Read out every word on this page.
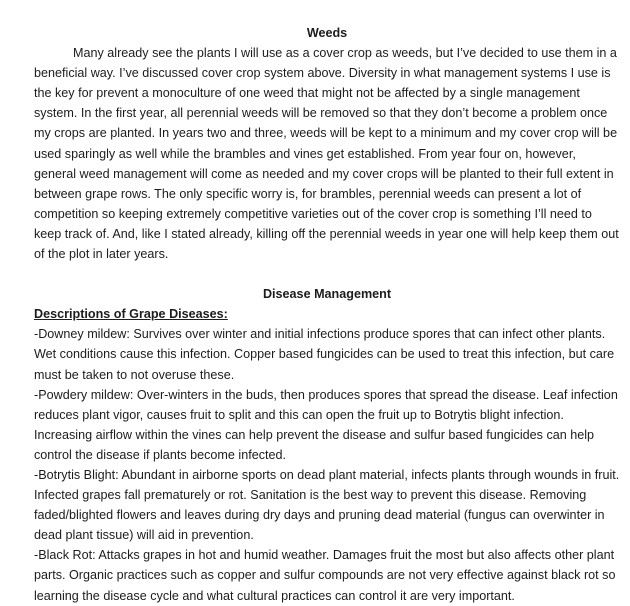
Weeds

Many already see the plants I will use as a cover crop as weeds, but I’ve decided to use them in a beneficial way. I’ve discussed cover crop system above. Diversity in what management systems I use is the key for prevent a monoculture of one weed that might not be affected by a single management system. In the first year, all perennial weeds will be removed so that they don’t become a problem once my crops are planted. In years two and three, weeds will be kept to a minimum and my cover crop will be used sparingly as well while the brambles and vines get established. From year four on, however, general weed management will come as needed and my cover crops will be planted to their full extent in between grape rows. The only specific worry is, for brambles, perennial weeds can present a lot of competition so keeping extremely competitive varieties out of the cover crop is something I’ll need to keep track of. And, like I stated already, killing off the perennial weeds in year one will help keep them out of the plot in later years.

Disease Management
Descriptions of Grape Diseases:

-Downey mildew: Survives over winter and initial infections produce spores that can infect other plants. Wet conditions cause this infection. Copper based fungicides can be used to treat this infection, but care must be taken to not overuse these.

-Powdery mildew: Over-winters in the buds, then produces spores that spread the disease. Leaf infection reduces plant vigor, causes fruit to split and this can open the fruit up to Botrytis blight infection. Increasing airflow within the vines can help prevent the disease and sulfur based fungicides can help control the disease if plants become infected.

-Botrytis Blight: Abundant in airborne sports on dead plant material, infects plants through wounds in fruit. Infected grapes fall prematurely or rot. Sanitation is the best way to prevent this disease. Removing faded/blighted flowers and leaves during dry days and pruning dead material (fungus can overwinter in dead plant tissue) will aid in prevention.

-Black Rot: Attacks grapes in hot and humid weather. Damages fruit the most but also affects other plant parts. Organic practices such as copper and sulfur compounds are not very effective against black rot so learning the disease cycle and what cultural practices can control it are very important.
